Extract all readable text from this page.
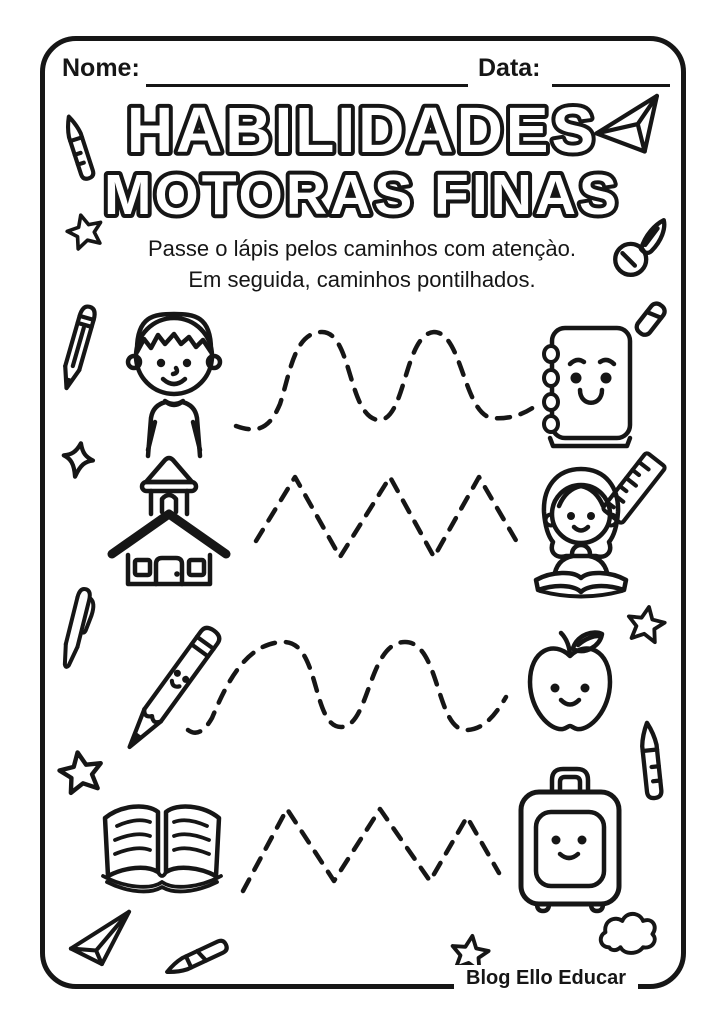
Nome:	Data:
HABILIDADES
MOTORAS FINAS
Passe o lápis pelos caminhos com atençào.
Em seguida, caminhos pontilhados.
Blog Ello Educar
